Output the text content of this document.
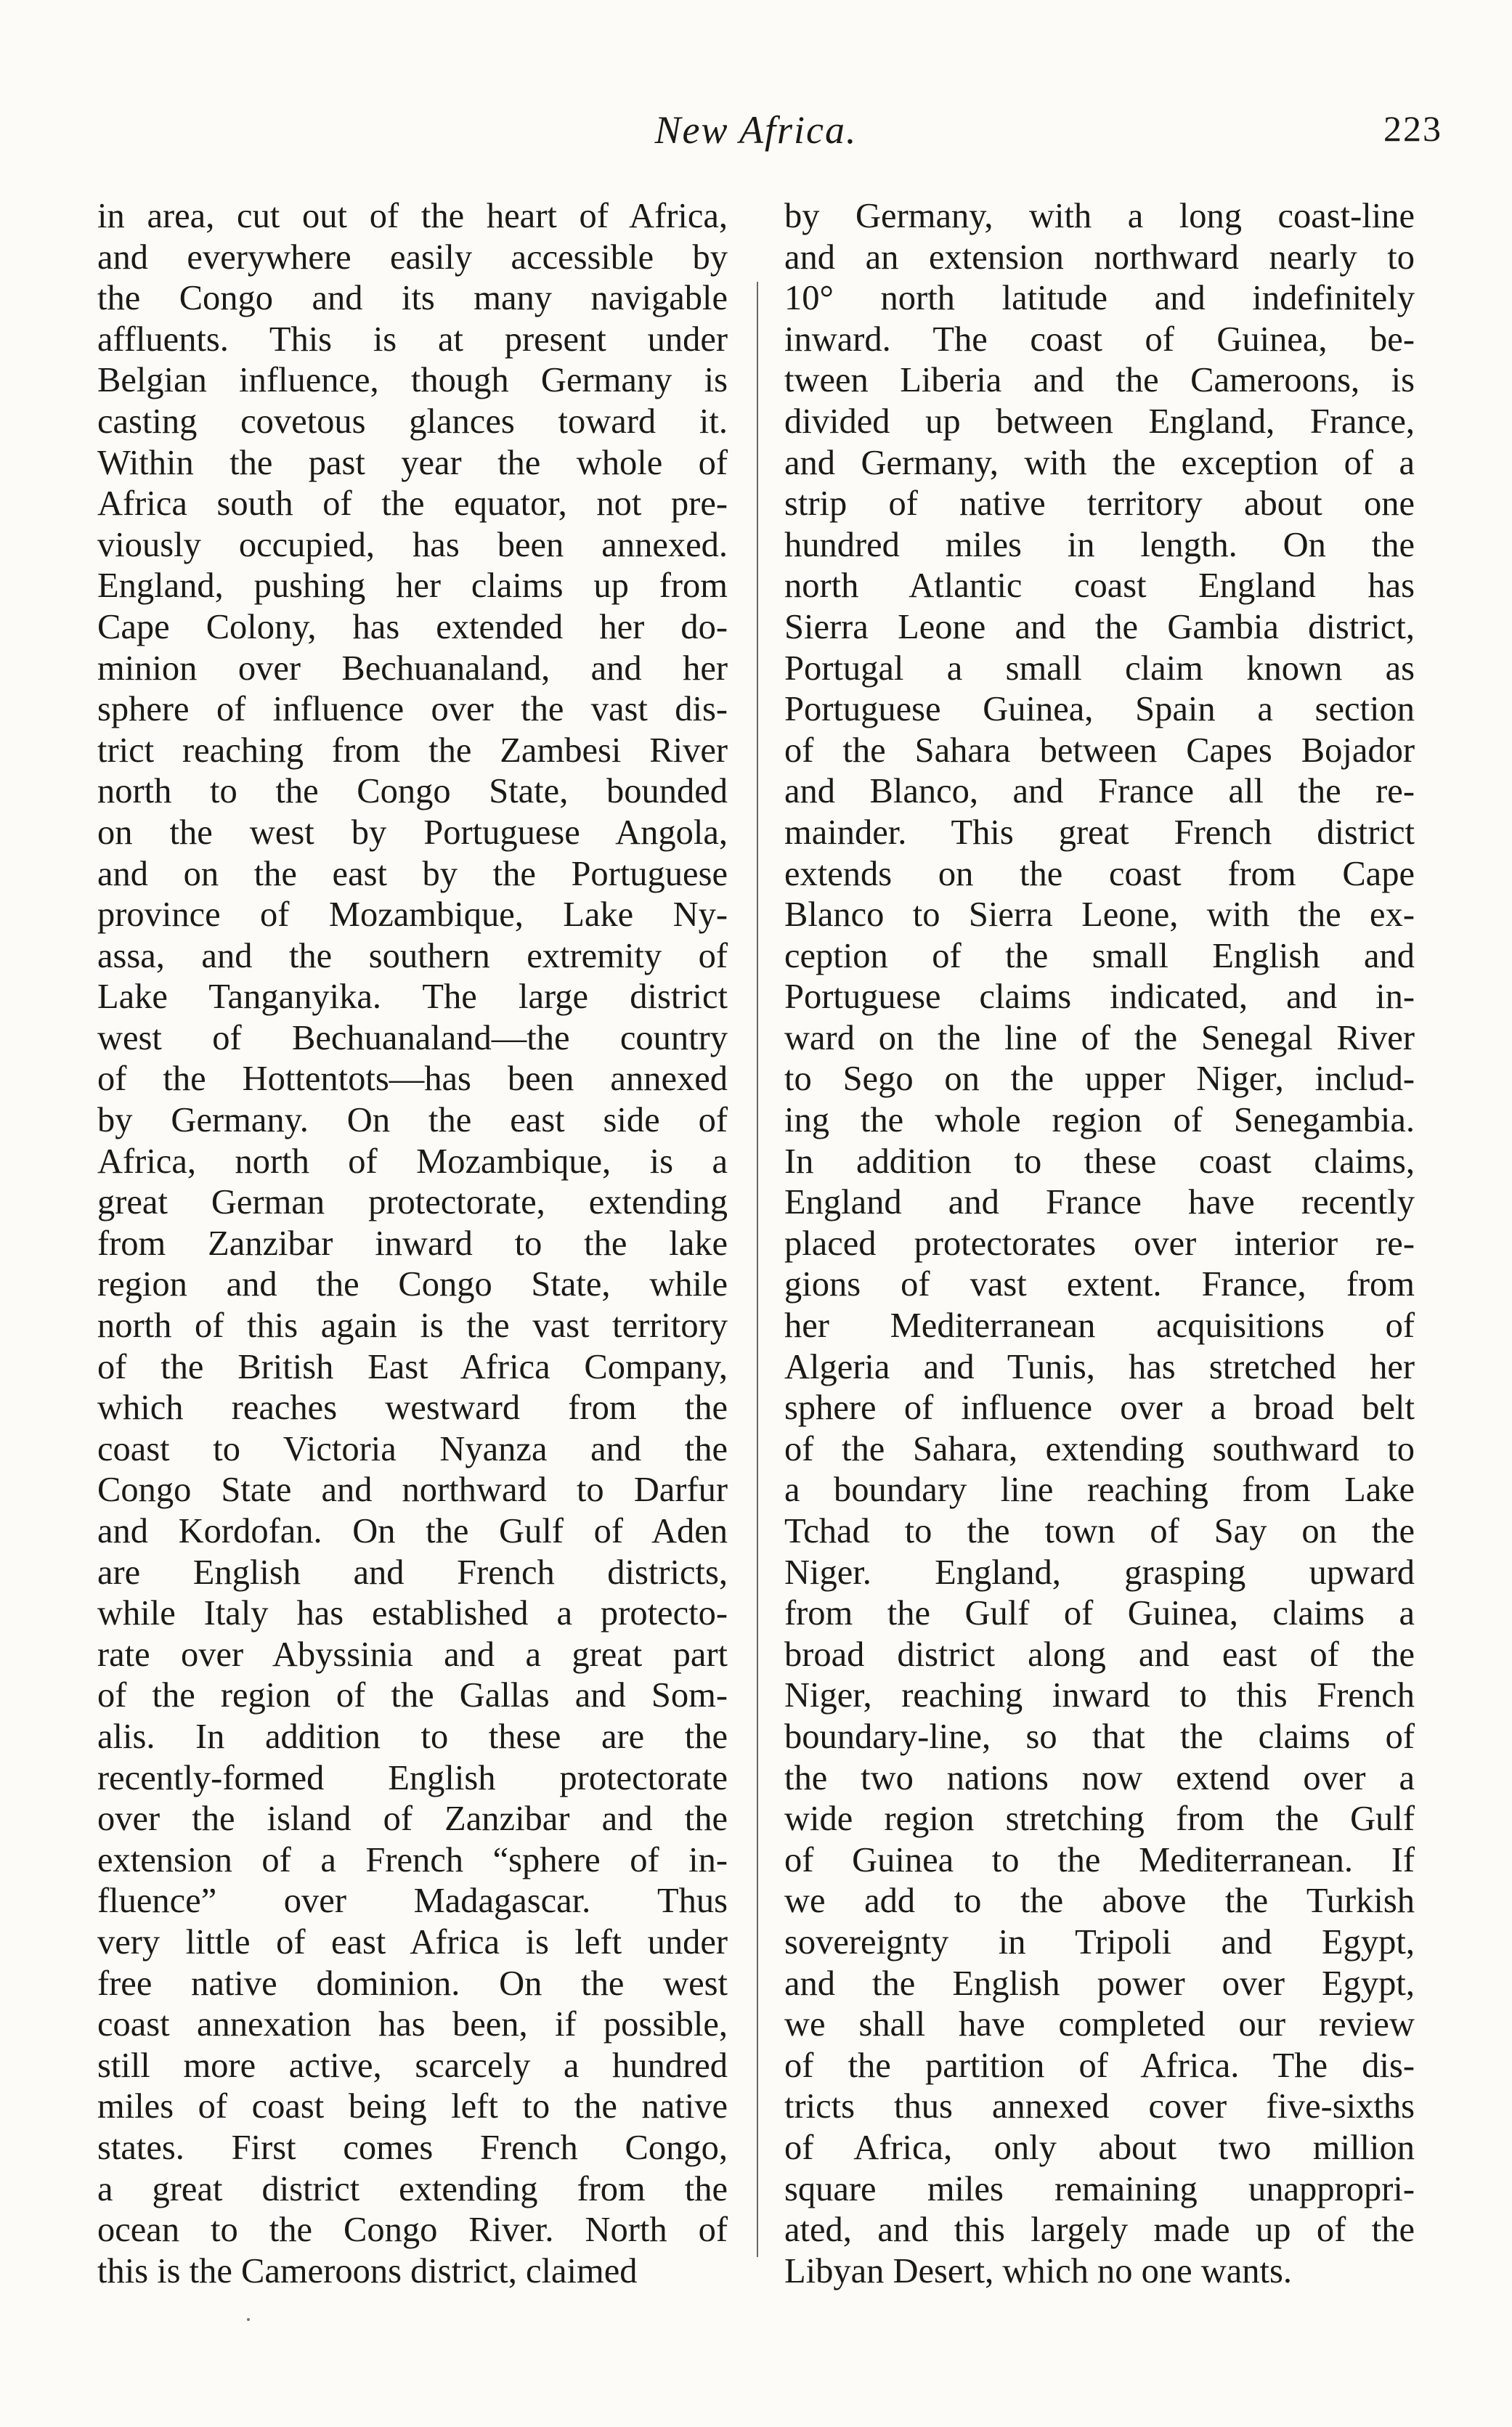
New Africa.	223
in area, cut out of the heart of Africa,
and everywhere easily accessible by
the Congo and its many navigable
affluents. This is at present under
Belgian influence, though Germany is
casting covetous glances toward it.
Within the past year the whole of
Africa south of the equator, not pre-
viously occupied, has been annexed.
England, pushing her claims up from
Cape Colony, has extended her do-
minion over Bechuanaland, and her
sphere of influence over the vast dis-
trict reaching from the Zambesi River
north to the Congo State, bounded
on the west by Portuguese Angola,
and on the east by the Portuguese
province of Mozambique, Lake Ny-
assa, and the southern extremity of
Lake Tanganyika. The large district
west of Bechuanaland—the country
of the Hottentots—has been annexed
by Germany. On the east side of
Africa, north of Mozambique, is a
great German protectorate, extending
from Zanzibar inward to the lake
region and the Congo State, while
north of this again is the vast territory
of the British East Africa Company,
which reaches westward from the
coast to Victoria Nyanza and the
Congo State and northward to Darfur
and Kordofan. On the Gulf of Aden
are English and French districts,
while Italy has established a protecto-
rate over Abyssinia and a great part
of the region of the Gallas and Som-
alis. In addition to these are the
recently-formed English protectorate
over the island of Zanzibar and the
extension of a French “sphere of in-
fluence” over Madagascar. Thus
very little of east Africa is left under
free native dominion. On the west
coast annexation has been, if possible,
still more active, scarcely a hundred
miles of coast being left to the native
states. First comes French Congo,
a great district extending from the
ocean to the Congo River. North of
this is the Cameroons district, claimed
by Germany, with a long coast-line
and an extension northward nearly to
10° north latitude and indefinitely
inward. The coast of Guinea, be-
tween Liberia and the Cameroons, is
divided up between England, France,
and Germany, with the exception of a
strip of native territory about one
hundred miles in length. On the
north Atlantic coast England has
Sierra Leone and the Gambia district,
Portugal a small claim known as
Portuguese Guinea, Spain a section
of the Sahara between Capes Bojador
and Blanco, and France all the re-
mainder. This great French district
extends on the coast from Cape
Blanco to Sierra Leone, with the ex-
ception of the small English and
Portuguese claims indicated, and in-
ward on the line of the Senegal River
to Sego on the upper Niger, includ-
ing the whole region of Senegambia.
In addition to these coast claims,
England and France have recently
placed protectorates over interior re-
gions of vast extent. France, from
her Mediterranean acquisitions of
Algeria and Tunis, has stretched her
sphere of influence over a broad belt
of the Sahara, extending southward to
a boundary line reaching from Lake
Tchad to the town of Say on the
Niger. England, grasping upward
from the Gulf of Guinea, claims a
broad district along and east of the
Niger, reaching inward to this French
boundary-line, so that the claims of
the two nations now extend over a
wide region stretching from the Gulf
of Guinea to the Mediterranean. If
we add to the above the Turkish
sovereignty in Tripoli and Egypt,
and the English power over Egypt,
we shall have completed our review
of the partition of Africa. The dis-
tricts thus annexed cover five-sixths
of Africa, only about two million
square miles remaining unappropri-
ated, and this largely made up of the
Libyan Desert, which no one wants.
